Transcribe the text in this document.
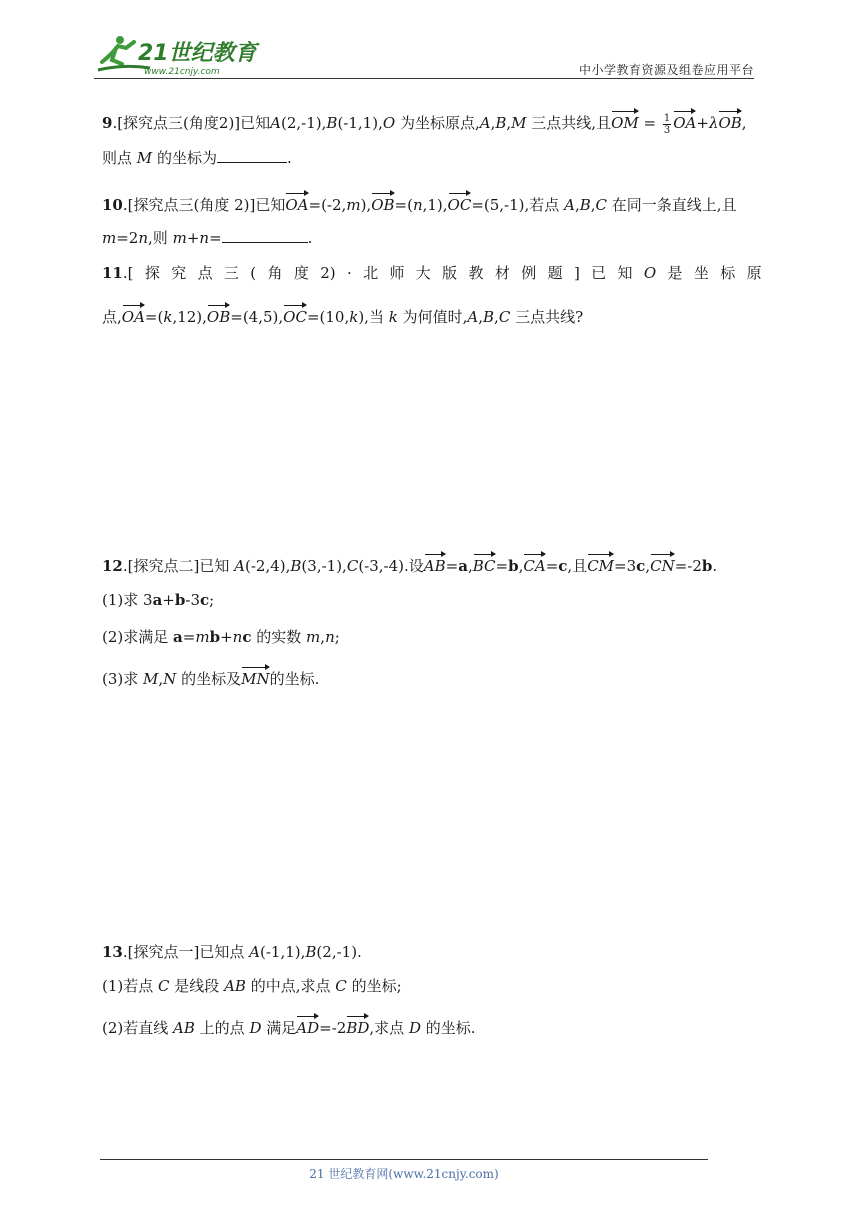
21世纪教育
www.21cnjy.com	中小学教育资源及组卷应用平台
9.[探究点三(角度2)]已知A(2,-1),B(-1,1),O 为坐标原点,A,B,M 三点共线,且OM = $\frac{1}{3} OA+\lambda OB$,
则点 M 的坐标为	.
10.[探究点三(角度 2)]已知OA=(-2,m),OB=(n,1),OC=(5,-1),若点 A,B,C 在同一条直线上,且
m=2n,则 m+n=	.
11.[ 探 究 点 三 ( 角 度 2) · 北 师 大 版 教 材 例 题 ] 已 知 O 是 坐 标 原
点,OA=(k,12),OB=(4,5),OC=(10,k),当 k 为何值时,A,B,C 三点共线?
12.[探究点二]已知 A(-2,4),B(3,-1),C(-3,-4).设AB=a,BC=b,CA=c,且CM=3c,CN=-2b.
(1)求 3a+b-3c;
(2)求满足 a=mb+nc 的实数 m,n;
(3)求 M,N 的坐标及MN的坐标.
13.[探究点一]已知点 A(-1,1),B(2,-1).
(1)若点 C 是线段 AB 的中点,求点 C 的坐标;
(2)若直线 AB 上的点 D 满足AD=-2BD,求点 D 的坐标.
21 世纪教育网(www.21cnjy.com)
